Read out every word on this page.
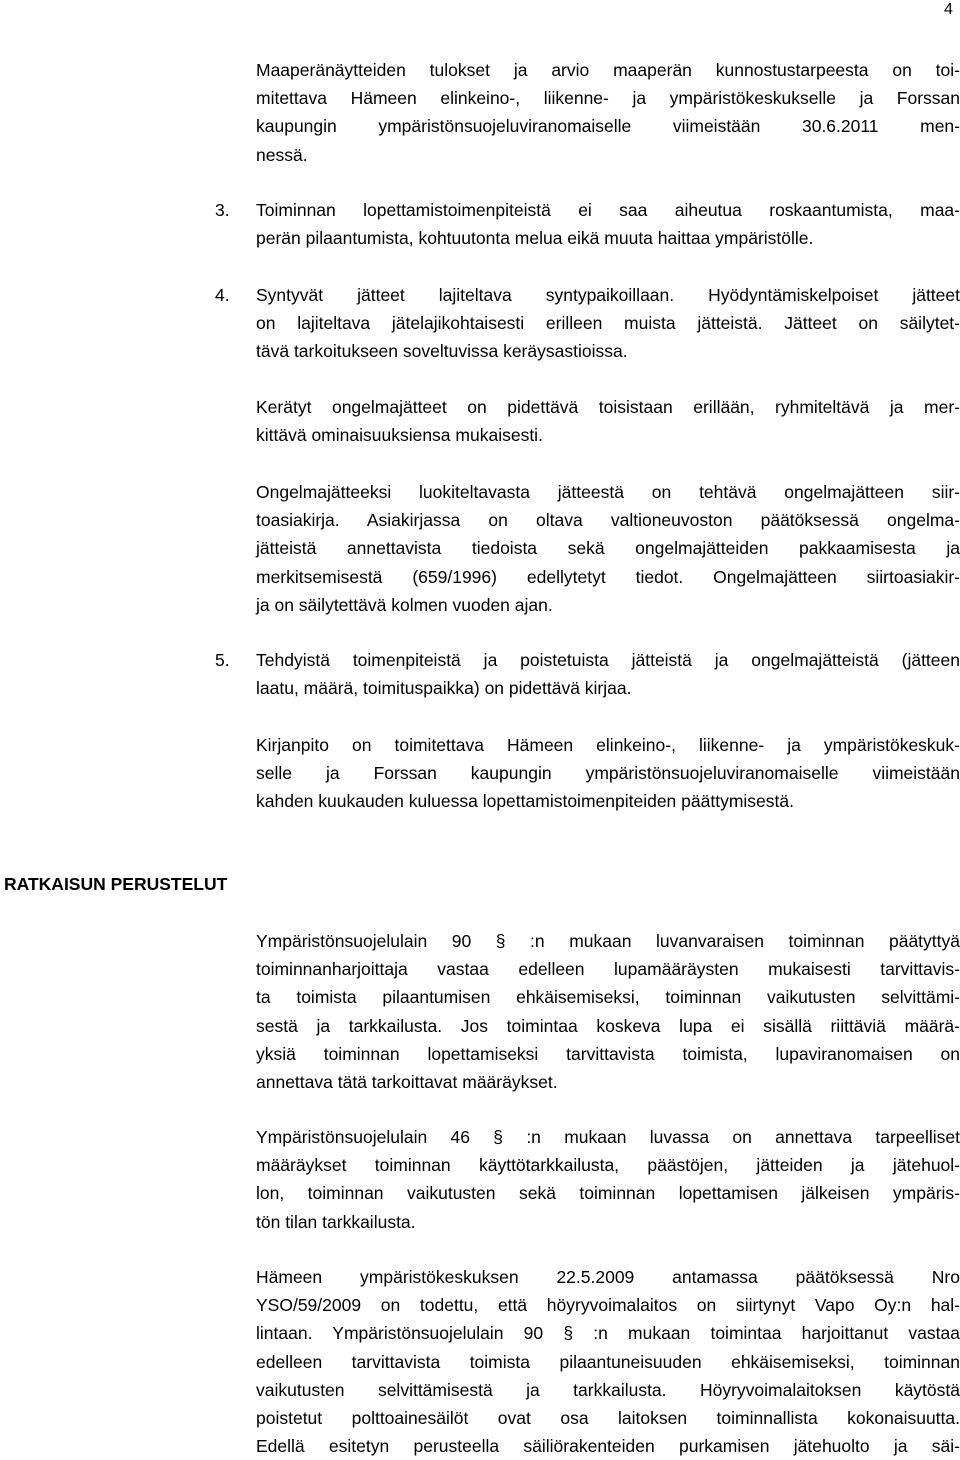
4
Maaperänäytteiden tulokset ja arvio maaperän kunnostustarpeesta on toi-
mitettava Hämeen elinkeino-, liikenne- ja ympäristökeskukselle ja Forssan
kaupungin ympäristönsuojeluviranomaiselle viimeistään 30.6.2011 men-
nessä.
3.	Toiminnan lopettamistoimenpiteistä ei saa aiheutua roskaantumista, maa-
perän pilaantumista, kohtuutonta melua eikä muuta haittaa ympäristölle.
4.	Syntyvät jätteet lajiteltava syntypaikoillaan. Hyödyntämiskelpoiset jätteet
on lajiteltava jätelajikohtaisesti erilleen muista jätteistä. Jätteet on säilytet-
tävä tarkoitukseen soveltuvissa keräysastioissa.
Kerätyt ongelmajätteet on pidettävä toisistaan erillään, ryhmiteltävä ja mer-
kittävä ominaisuuksiensa mukaisesti.
Ongelmajätteeksi luokiteltavasta jätteestä on tehtävä ongelmajätteen siir-
toasiakirja. Asiakirjassa on oltava valtioneuvoston päätöksessä ongelma-
jätteistä annettavista tiedoista sekä ongelmajätteiden pakkaamisesta ja
merkitsemisestä (659/1996) edellytetyt tiedot. Ongelmajätteen siirtoasiakir-
ja on säilytettävä kolmen vuoden ajan.
5.	Tehdyistä toimenpiteistä ja poistetuista jätteistä ja ongelmajätteistä (jätteen
laatu, määrä, toimituspaikka) on pidettävä kirjaa.
Kirjanpito on toimitettava Hämeen elinkeino-, liikenne- ja ympäristökeskuk-
selle ja Forssan kaupungin ympäristönsuojeluviranomaiselle viimeistään
kahden kuukauden kuluessa lopettamistoimenpiteiden päättymisestä.
RATKAISUN PERUSTELUT
Ympäristönsuojelulain 90 § :n mukaan luvanvaraisen toiminnan päätyttyä
toiminnanharjoittaja vastaa edelleen lupamääräysten mukaisesti tarvittavis-
ta toimista pilaantumisen ehkäisemiseksi, toiminnan vaikutusten selvittämi-
sestä ja tarkkailusta. Jos toimintaa koskeva lupa ei sisällä riittäviä määrä-
yksiä toiminnan lopettamiseksi tarvittavista toimista, lupaviranomaisen on
annettava tätä tarkoittavat määräykset.
Ympäristönsuojelulain 46 § :n mukaan luvassa on annettava tarpeelliset
määräykset toiminnan käyttötarkkailusta, päästöjen, jätteiden ja jätehuol-
lon, toiminnan vaikutusten sekä toiminnan lopettamisen jälkeisen ympäris-
tön tilan tarkkailusta.
Hämeen ympäristökeskuksen 22.5.2009 antamassa päätöksessä Nro
YSO/59/2009 on todettu, että höyryvoimalaitos on siirtynyt Vapo Oy:n hal-
lintaan. Ympäristönsuojelulain 90 § :n mukaan toimintaa harjoittanut vastaa
edelleen tarvittavista toimista pilaantuneisuuden ehkäisemiseksi, toiminnan
vaikutusten selvittämisestä ja tarkkailusta. Höyryvoimalaitoksen käytöstä
poistetut polttoainesäilöt ovat osa laitoksen toiminnallista kokonaisuutta.
Edellä esitetyn perusteella säiliörakenteiden purkamisen jätehuolto ja säi-
